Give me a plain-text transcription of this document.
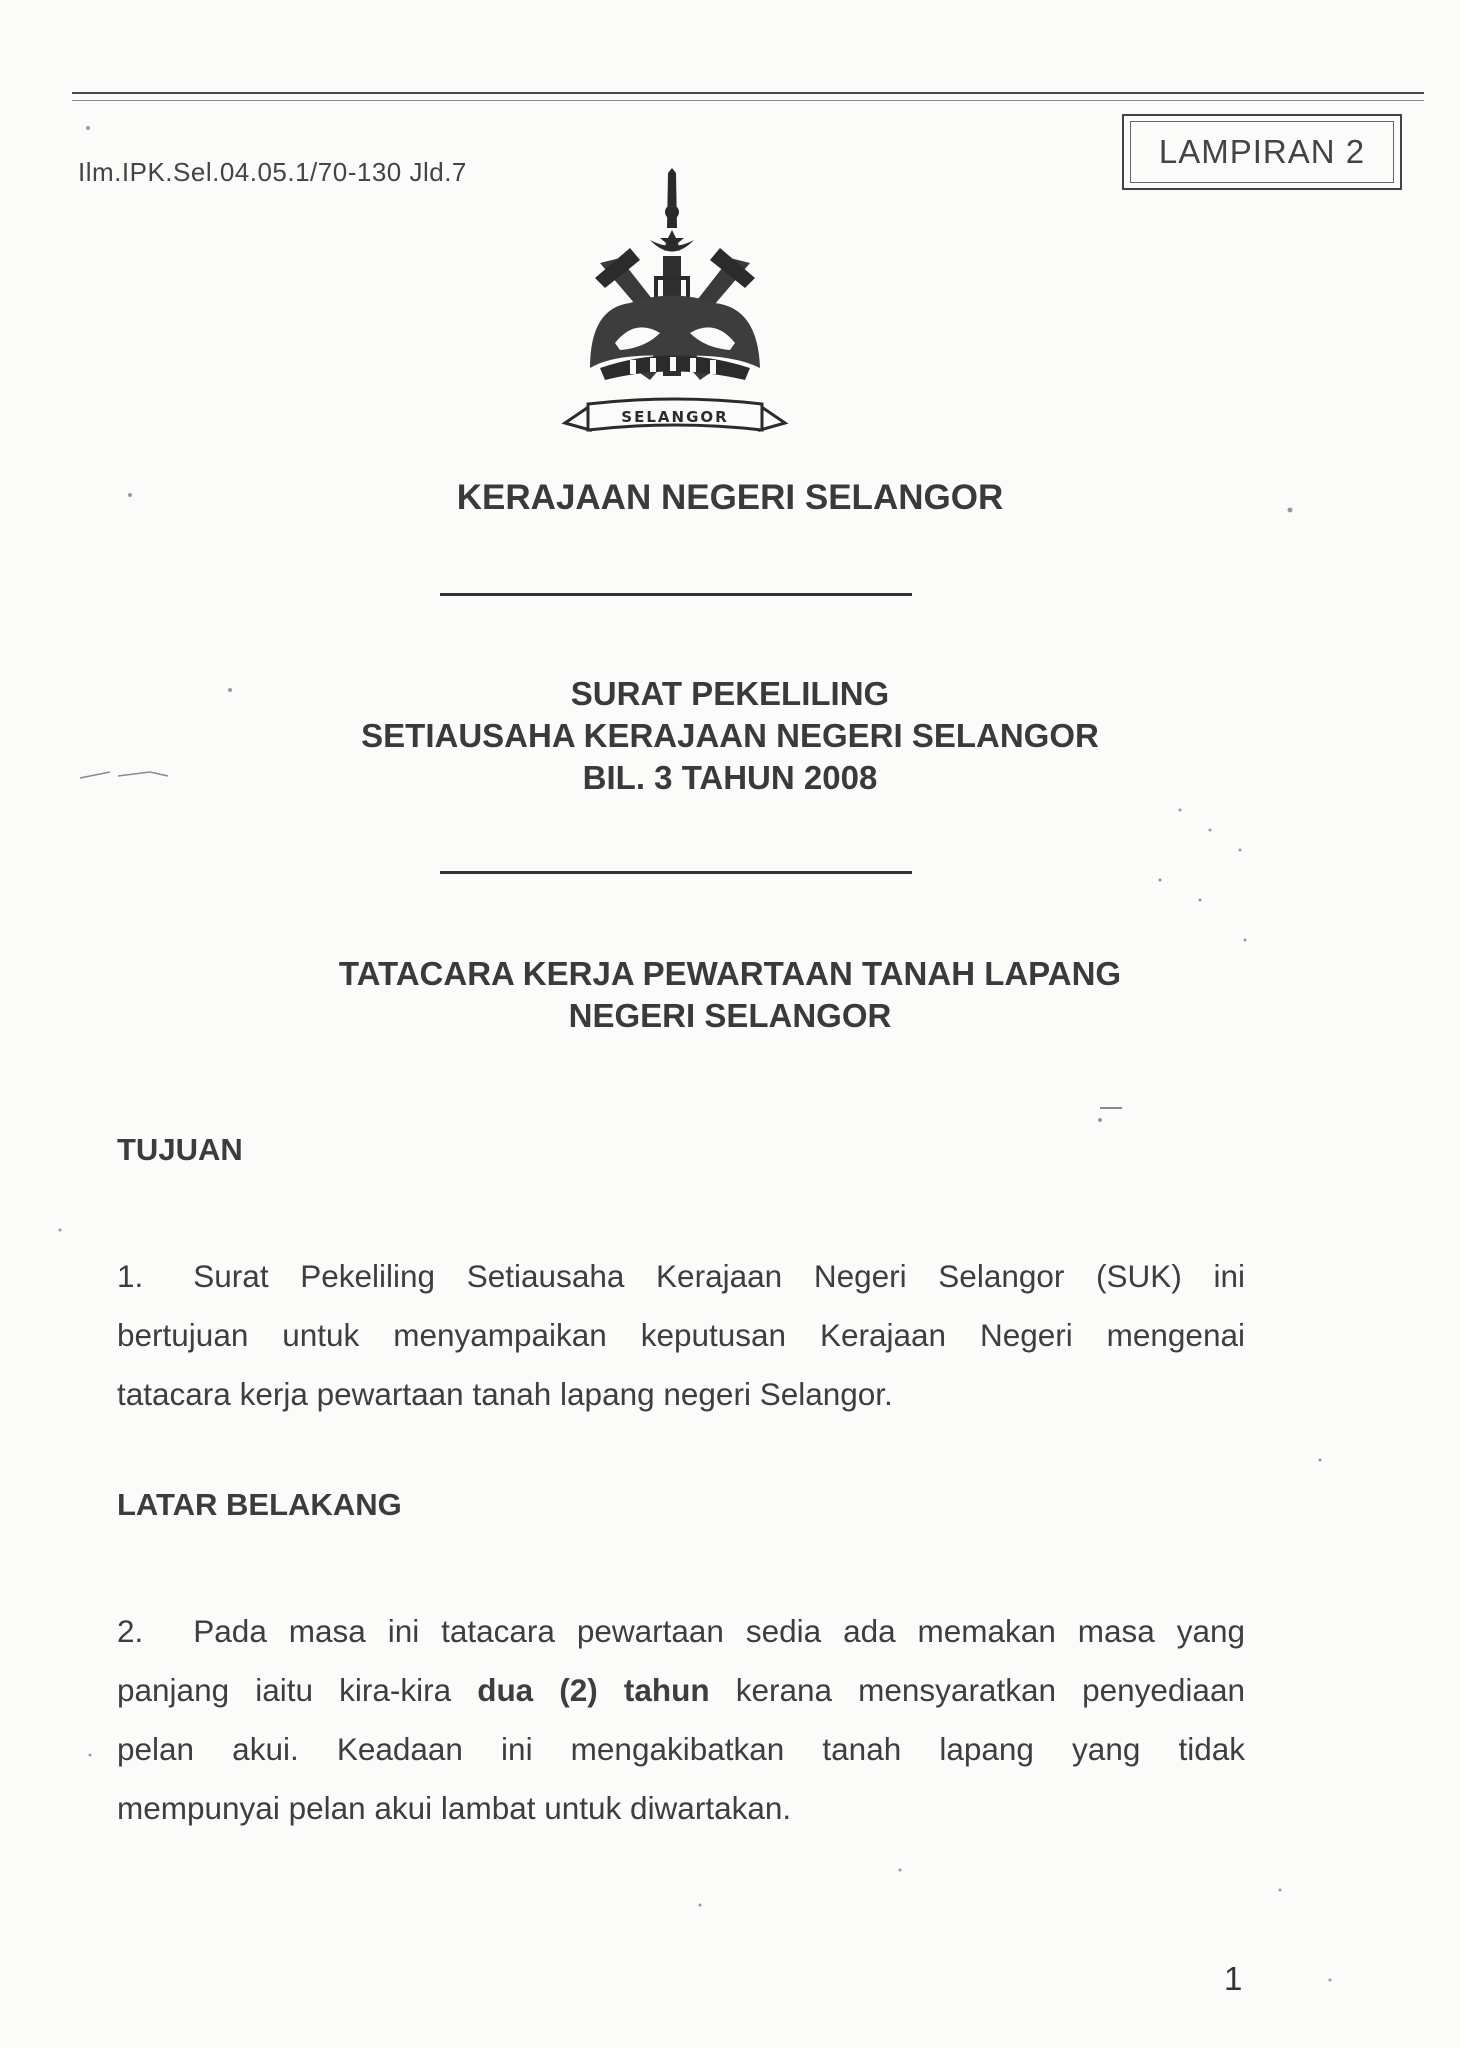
Ilm.IPK.Sel.04.05.1/70-130 Jld.7
LAMPIRAN 2
SELANGOR
KERAJAAN NEGERI SELANGOR
SURAT PEKELILING
SETIAUSAHA KERAJAAN NEGERI SELANGOR
BIL. 3 TAHUN 2008
TATACARA KERJA PEWARTAAN TANAH LAPANG
NEGERI SELANGOR
TUJUAN
1. Surat Pekeliling Setiausaha Kerajaan Negeri Selangor (SUK) ini
bertujuan untuk menyampaikan keputusan Kerajaan Negeri mengenai
tatacara kerja pewartaan tanah lapang negeri Selangor.
LATAR BELAKANG
2. Pada masa ini tatacara pewartaan sedia ada memakan masa yang
panjang iaitu kira-kira dua (2) tahun kerana mensyaratkan penyediaan
pelan akui. Keadaan ini mengakibatkan tanah lapang yang tidak
mempunyai pelan akui lambat untuk diwartakan.
1
